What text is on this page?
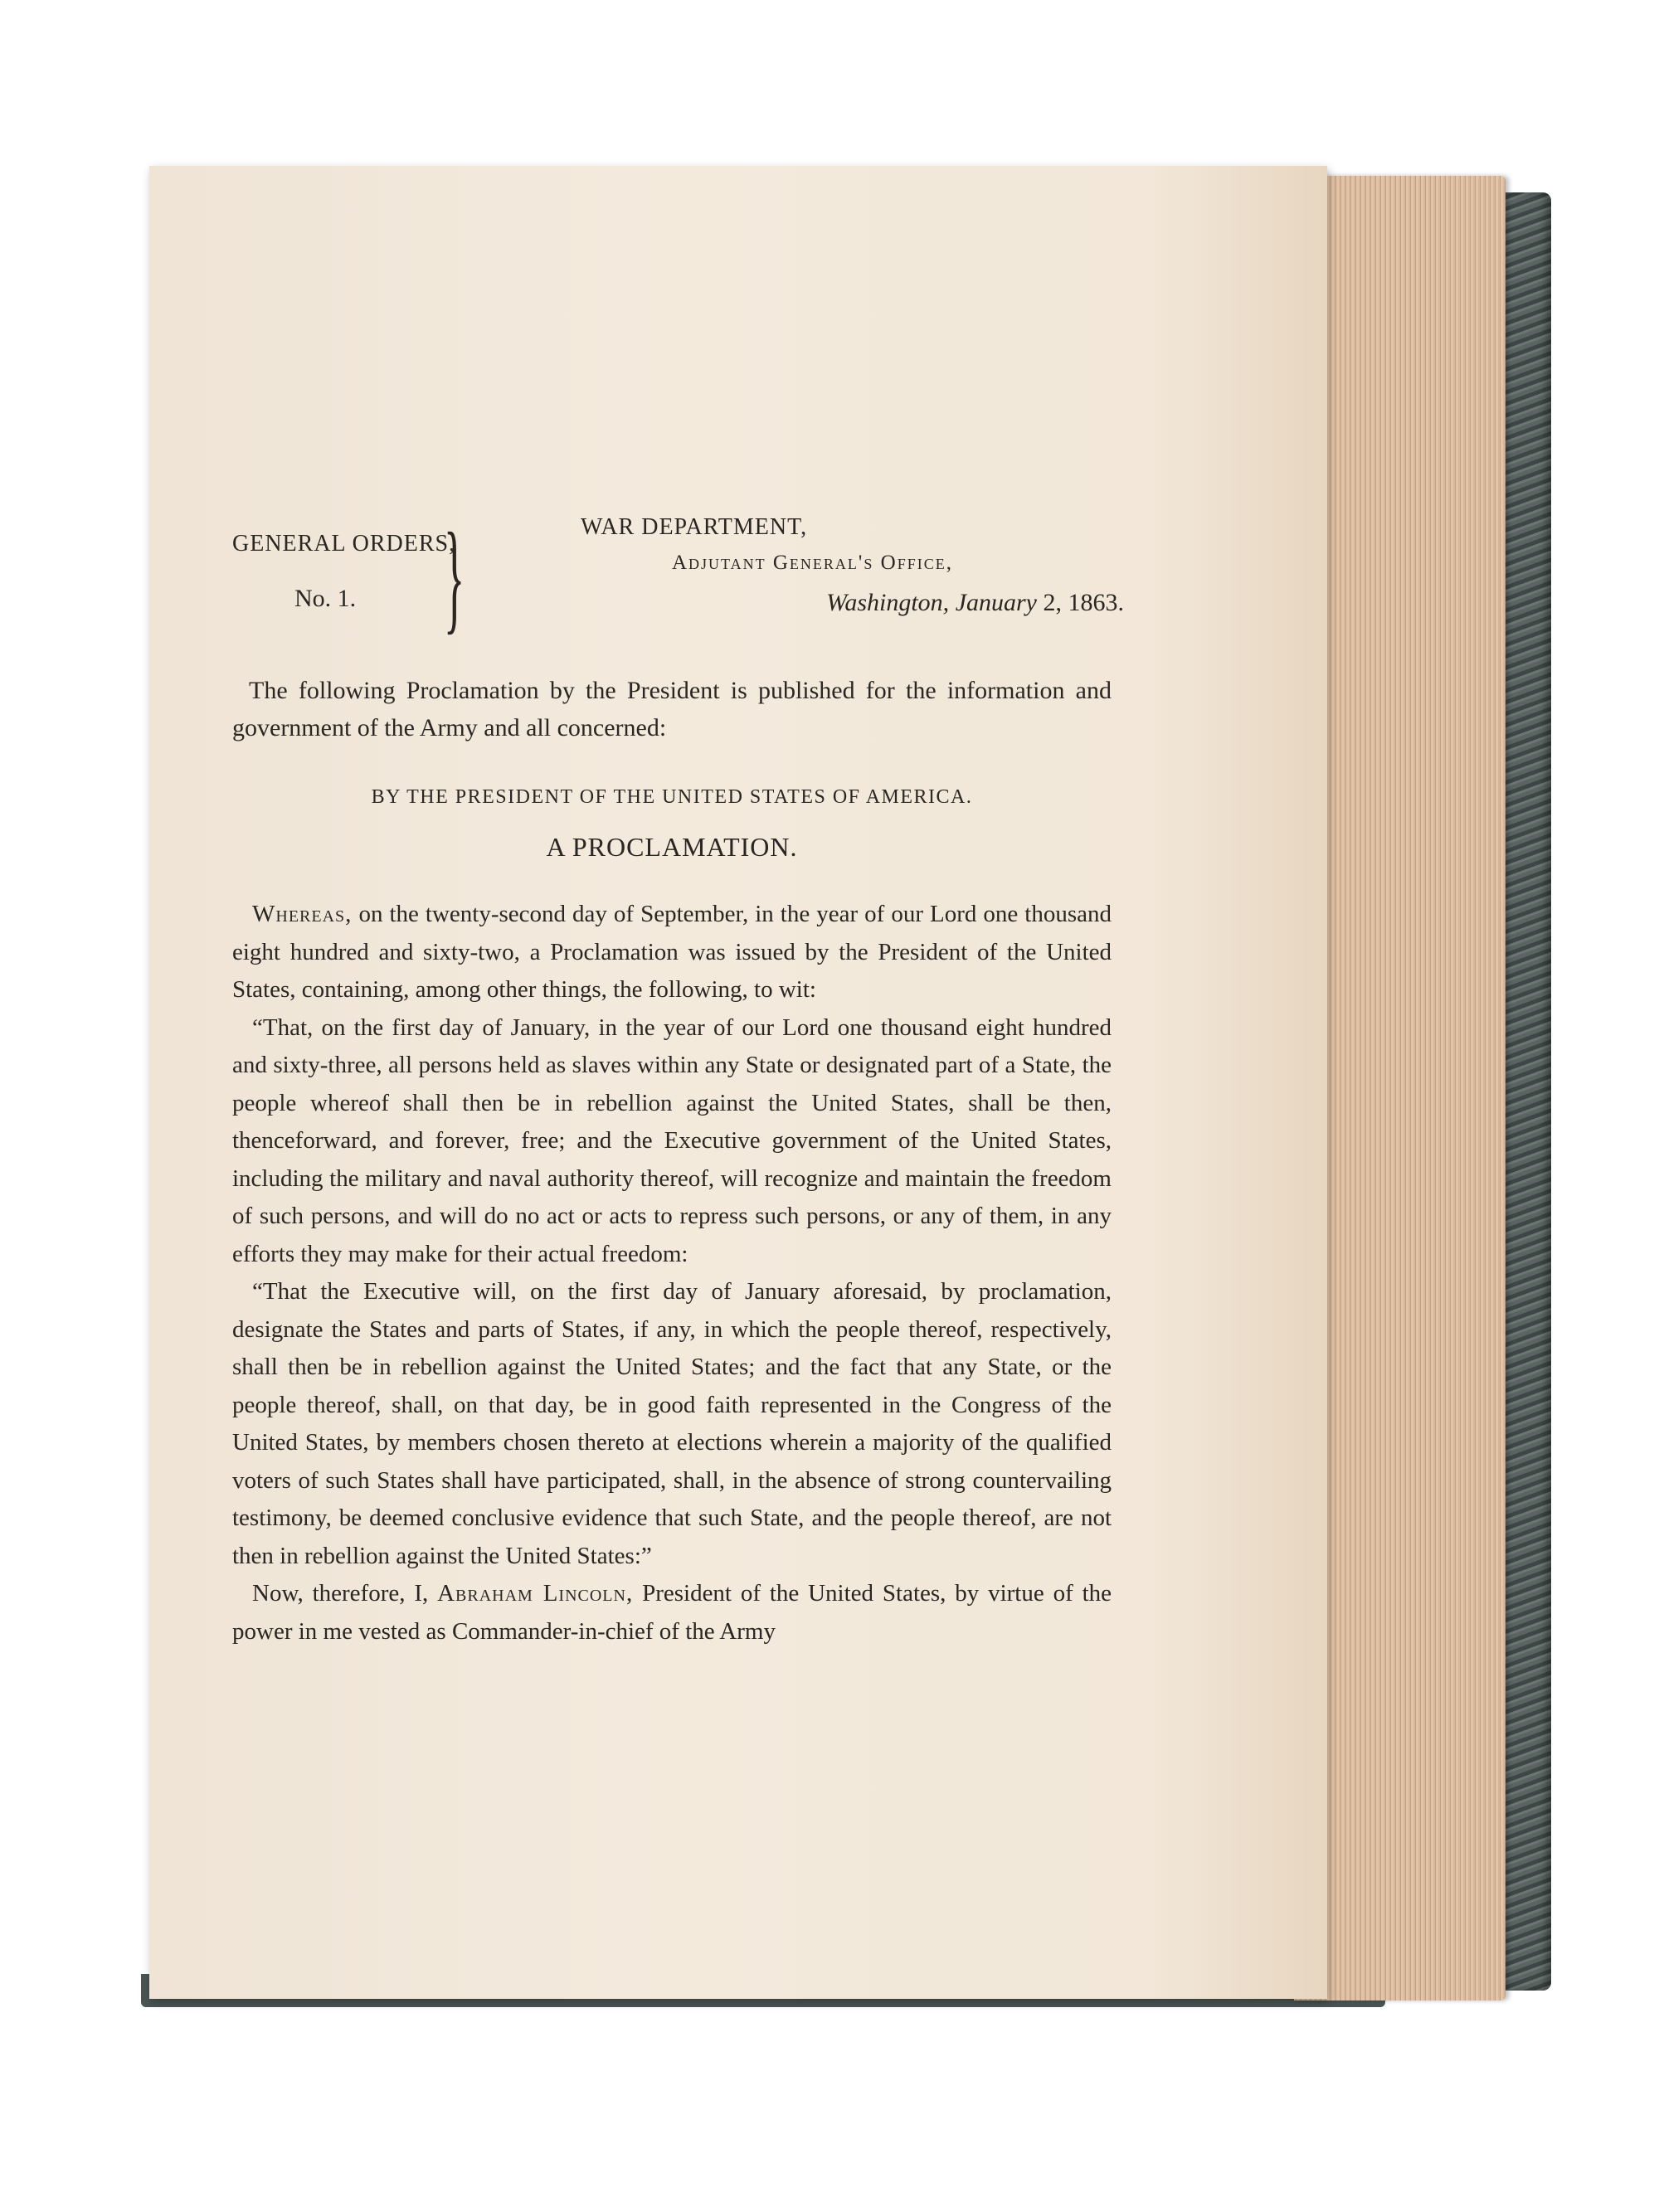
GENERAL ORDERS,
No. 1. }	WAR DEPARTMENT,
Adjutant General's Office,
Washington, January 2, 1863.

The following Proclamation by the President is published for the information and government of the Army and all concerned:

BY THE PRESIDENT OF THE UNITED STATES OF AMERICA.

A PROCLAMATION.

Whereas, on the twenty-second day of September, in the year of our Lord one thousand eight hundred and sixty-two, a Proclamation was issued by the President of the United States, containing, among other things, the following, to wit:

“That, on the first day of January, in the year of our Lord one thousand eight hundred and sixty-three, all persons held as slaves within any State or designated part of a State, the people whereof shall then be in rebellion against the United States, shall be then, thenceforward, and forever, free; and the Executive government of the United States, including the military and naval authority thereof, will recognize and maintain the freedom of such persons, and will do no act or acts to repress such persons, or any of them, in any efforts they may make for their actual freedom:

“That the Executive will, on the first day of January aforesaid, by proclamation, designate the States and parts of States, if any, in which the people thereof, respectively, shall then be in rebellion against the United States; and the fact that any State, or the people thereof, shall, on that day, be in good faith represented in the Congress of the United States, by members chosen thereto at elections wherein a majority of the qualified voters of such States shall have participated, shall, in the absence of strong countervailing testimony, be deemed conclusive evidence that such State, and the people thereof, are not then in rebellion against the United States:”

Now, therefore, I, Abraham Lincoln, President of the United States, by virtue of the power in me vested as Commander-in-chief of the Army
